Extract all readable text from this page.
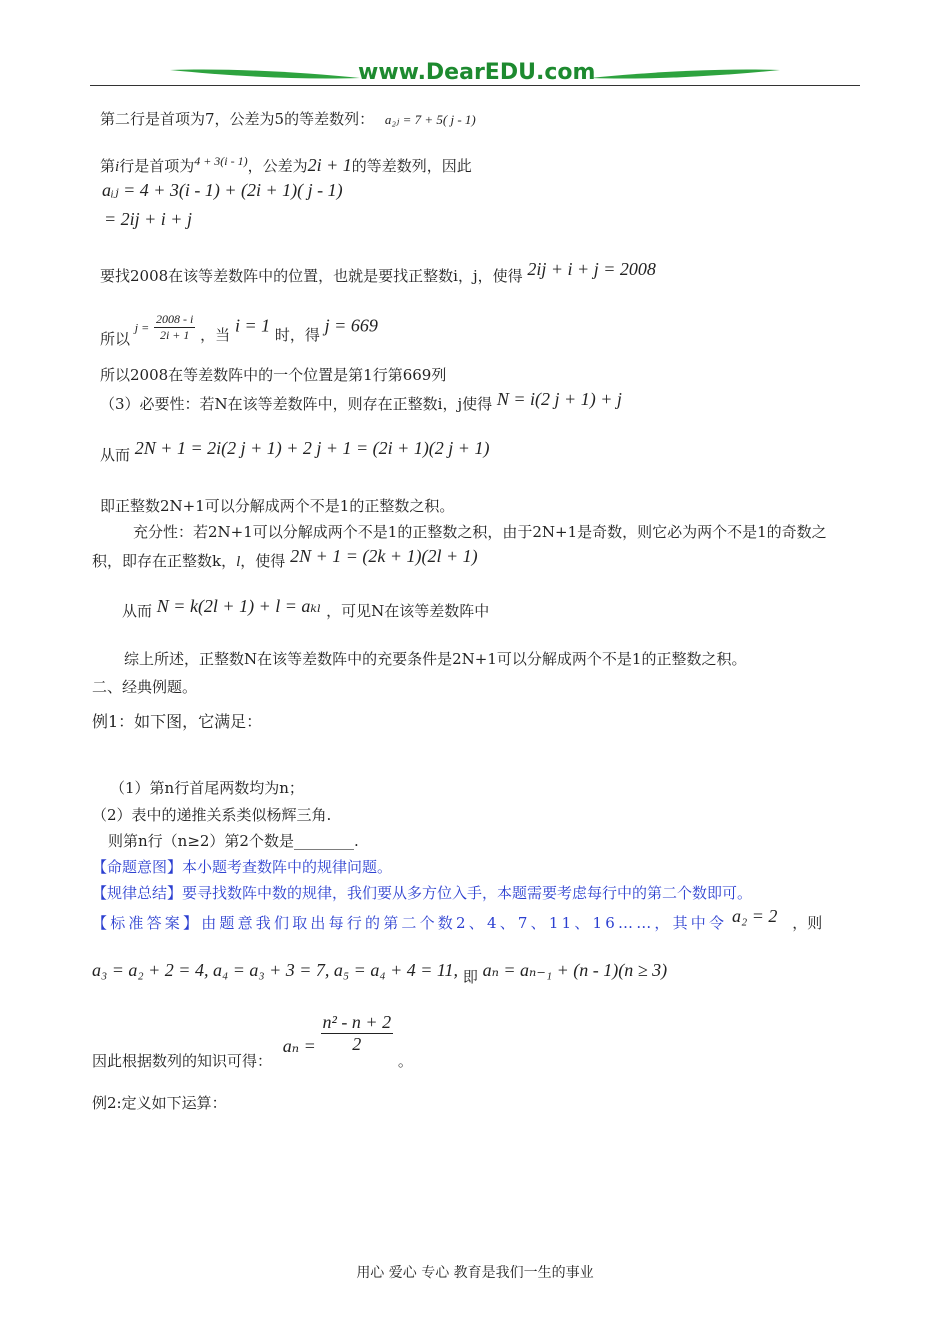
www.DearEDU.com
第二行是首项为7，公差为5的等差数列： a₂ⱼ = 7 + 5( j - 1)
第i行是首项为$^{4 + 3(i - 1)}$，公差为2i + 1的等差数列，因此
aᵢⱼ = 4 + 3(i - 1) + (2i + 1)( j - 1)
= 2ij + i + j
要找2008在该等差数阵中的位置，也就是要找正整数i，j，使得 2ij + i + j = 2008
所以 $j = \frac{2008 - i}{2i + 1}$ ，当 i = 1 时，得 j = 669
所以2008在等差数阵中的一个位置是第1行第669列
（3）必要性：若N在该等差数阵中，则存在正整数i，j使得 N = i(2 j + 1) + j
从而 2N + 1 = 2i(2 j + 1) + 2 j + 1 = (2i + 1)(2 j + 1)
即正整数2N+1可以分解成两个不是1的正整数之积。
充分性：若2N+1可以分解成两个不是1的正整数之积，由于2N+1是奇数，则它必为两个不是1的奇数之
积，即存在正整数k，l，使得 2N + 1 = (2k + 1)(2l + 1)
从而 N = k(2l + 1) + l = aₖₗ ，可见N在该等差数阵中
综上所述，正整数N在该等差数阵中的充要条件是2N+1可以分解成两个不是1的正整数之积。
二、经典例题。
例1：如下图，它满足：
（1）第n行首尾两数均为n；
（2）表中的递推关系类似杨辉三角.
则第n行（n≥2）第2个数是________.
【命题意图】本小题考查数阵中的规律问题。
【规律总结】要寻找数阵中数的规律，我们要从多方位入手，本题需要考虑每行中的第二个数即可。
【标准答案】由题意我们取出每行的第二个数2、4、7、11、16……，其中令 a₂ = 2 ，则
a₃ = a₂ + 2 = 4, a₄ = a₃ + 3 = 7, a₅ = a₄ + 4 = 11, 即 aₙ = aₙ₋₁ + (n - 1)(n ≥ 3)
因此根据数列的知识可得： $a_n = \frac{\text{n² - n + 2}}{2}$
。
例2:定义如下运算：
用心 爱心 专心 教育是我们一生的事业
